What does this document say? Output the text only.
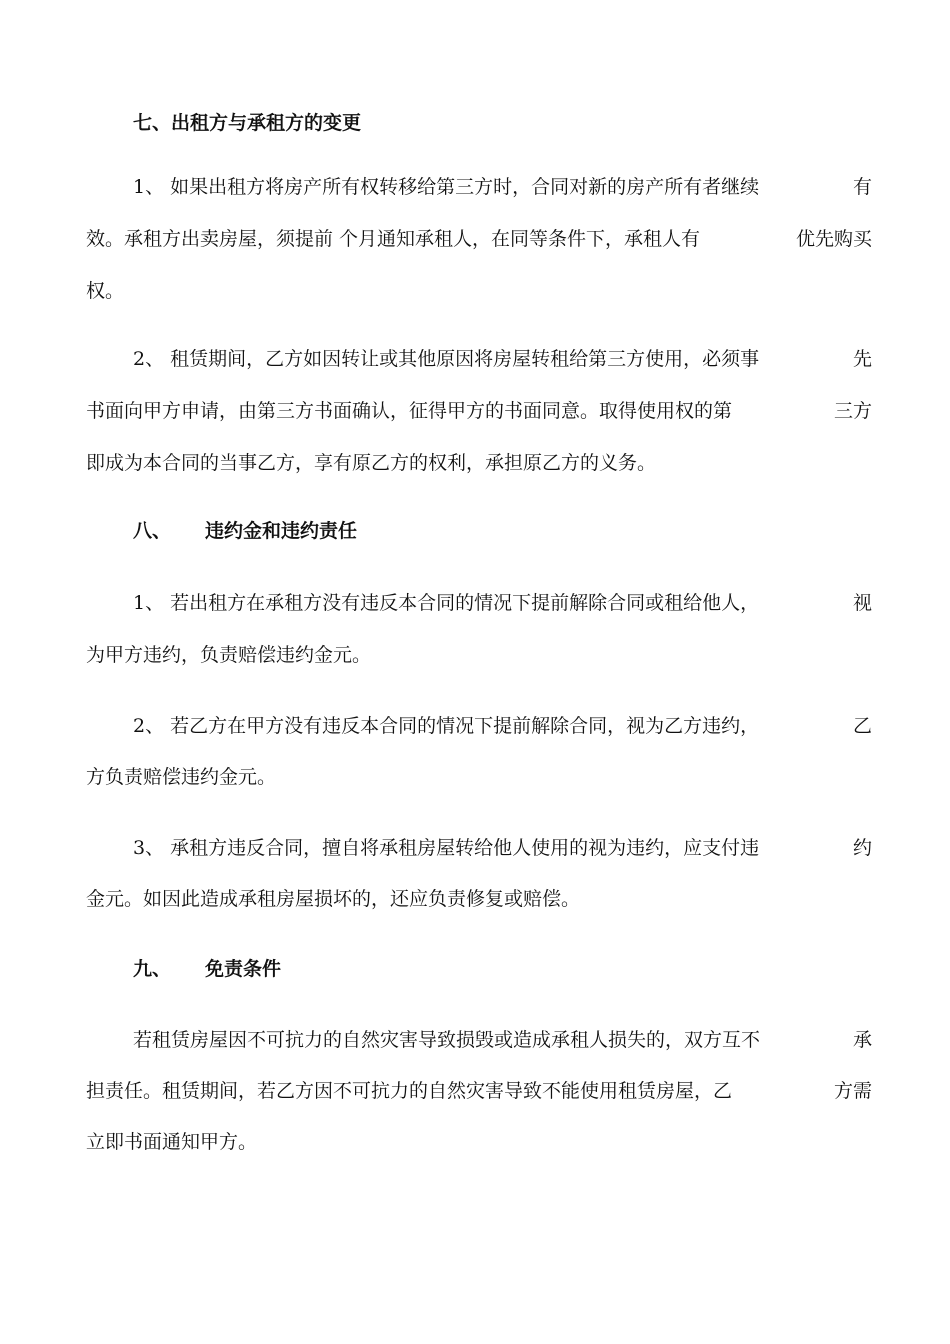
七、出租方与承租方的变更
1、 如果出租方将房产所有权转移给第三方时，合同对新的房产所有者继续	有
效。承租方出卖房屋，须提前 个月通知承租人，在同等条件下，承租人有	优先购买
权。
2、 租赁期间，乙方如因转让或其他原因将房屋转租给第三方使用，必须事	先
书面向甲方申请，由第三方书面确认，征得甲方的书面同意。取得使用权的第	三方
即成为本合同的当事乙方，享有原乙方的权利，承担原乙方的义务。
八、 违约金和违约责任
1、 若出租方在承租方没有违反本合同的情况下提前解除合同或租给他人，	视
为甲方违约，负责赔偿违约金元。
2、 若乙方在甲方没有违反本合同的情况下提前解除合同，视为乙方违约，	乙
方负责赔偿违约金元。
3、 承租方违反合同，擅自将承租房屋转给他人使用的视为违约，应支付违	约
金元。如因此造成承租房屋损坏的，还应负责修复或赔偿。
九、 免责条件
若租赁房屋因不可抗力的自然灾害导致损毁或造成承租人损失的，双方互不	承
担责任。租赁期间，若乙方因不可抗力的自然灾害导致不能使用租赁房屋，乙	方需
立即书面通知甲方。
